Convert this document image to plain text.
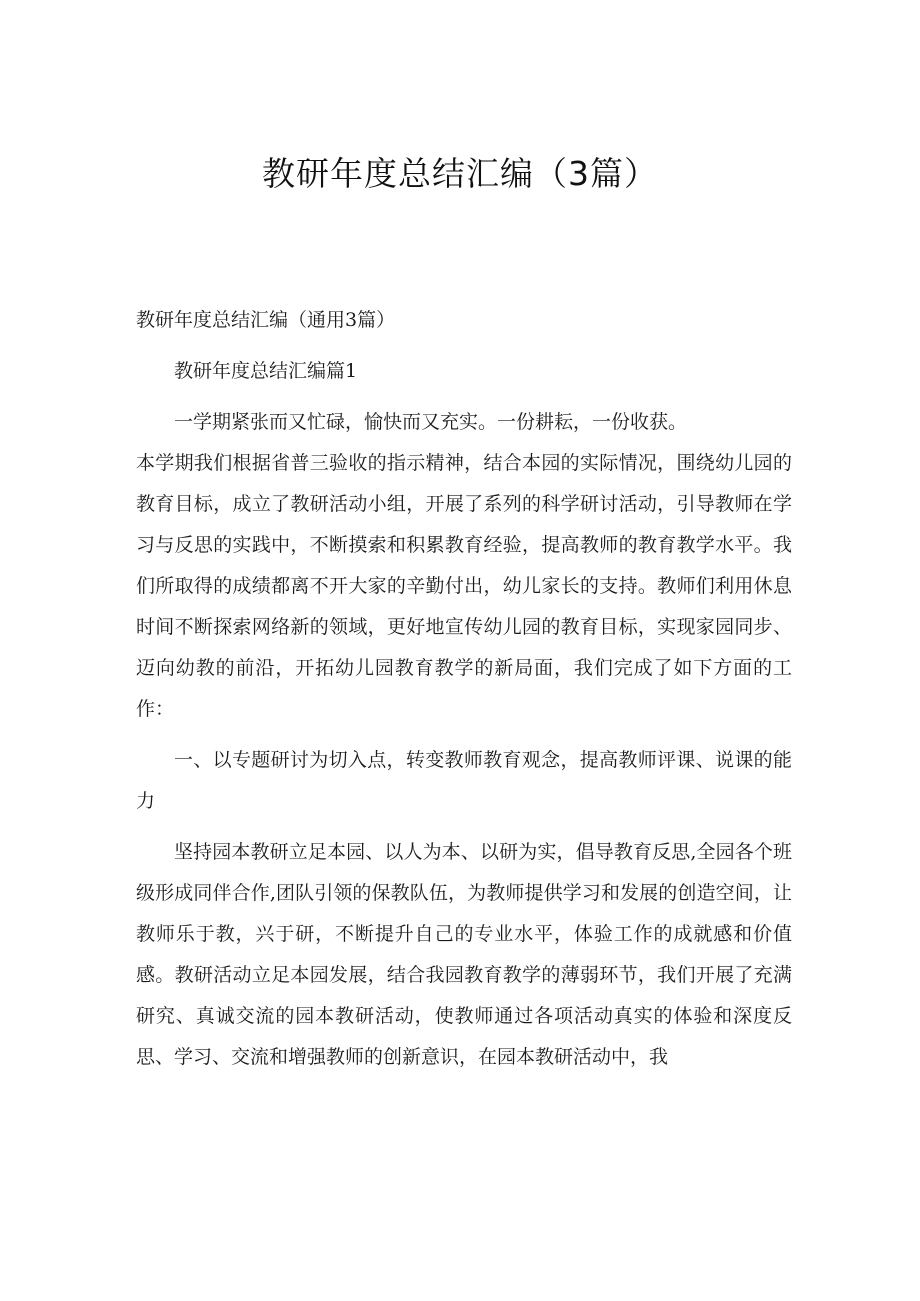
教研年度总结汇编（3篇）

教研年度总结汇编（通用3篇）

教研年度总结汇编篇1

一学期紧张而又忙碌，愉快而又充实。一份耕耘，一份收获。

本学期我们根据省普三验收的指示精神，结合本园的实际情况，围绕幼儿园的教育目标，成立了教研活动小组，开展了系列的科学研讨活动，引导教师在学习与反思的实践中，不断摸索和积累教育经验，提高教师的教育教学水平。我们所取得的成绩都离不开大家的辛勤付出，幼儿家长的支持。教师们利用休息时间不断探索网络新的领域，更好地宣传幼儿园的教育目标，实现家园同步、迈向幼教的前沿，开拓幼儿园教育教学的新局面，我们完成了如下方面的工作：

一、以专题研讨为切入点，转变教师教育观念，提高教师评课、说课的能力

坚持园本教研立足本园、以人为本、以研为实，倡导教育反思,全园各个班级形成同伴合作,团队引领的保教队伍，为教师提供学习和发展的创造空间，让教师乐于教，兴于研，不断提升自己的专业水平，体验工作的成就感和价值感。教研活动立足本园发展，结合我园教育教学的薄弱环节，我们开展了充满研究、真诚交流的园本教研活动，使教师通过各项活动真实的体验和深度反思、学习、交流和增强教师的创新意识，在园本教研活动中，我
